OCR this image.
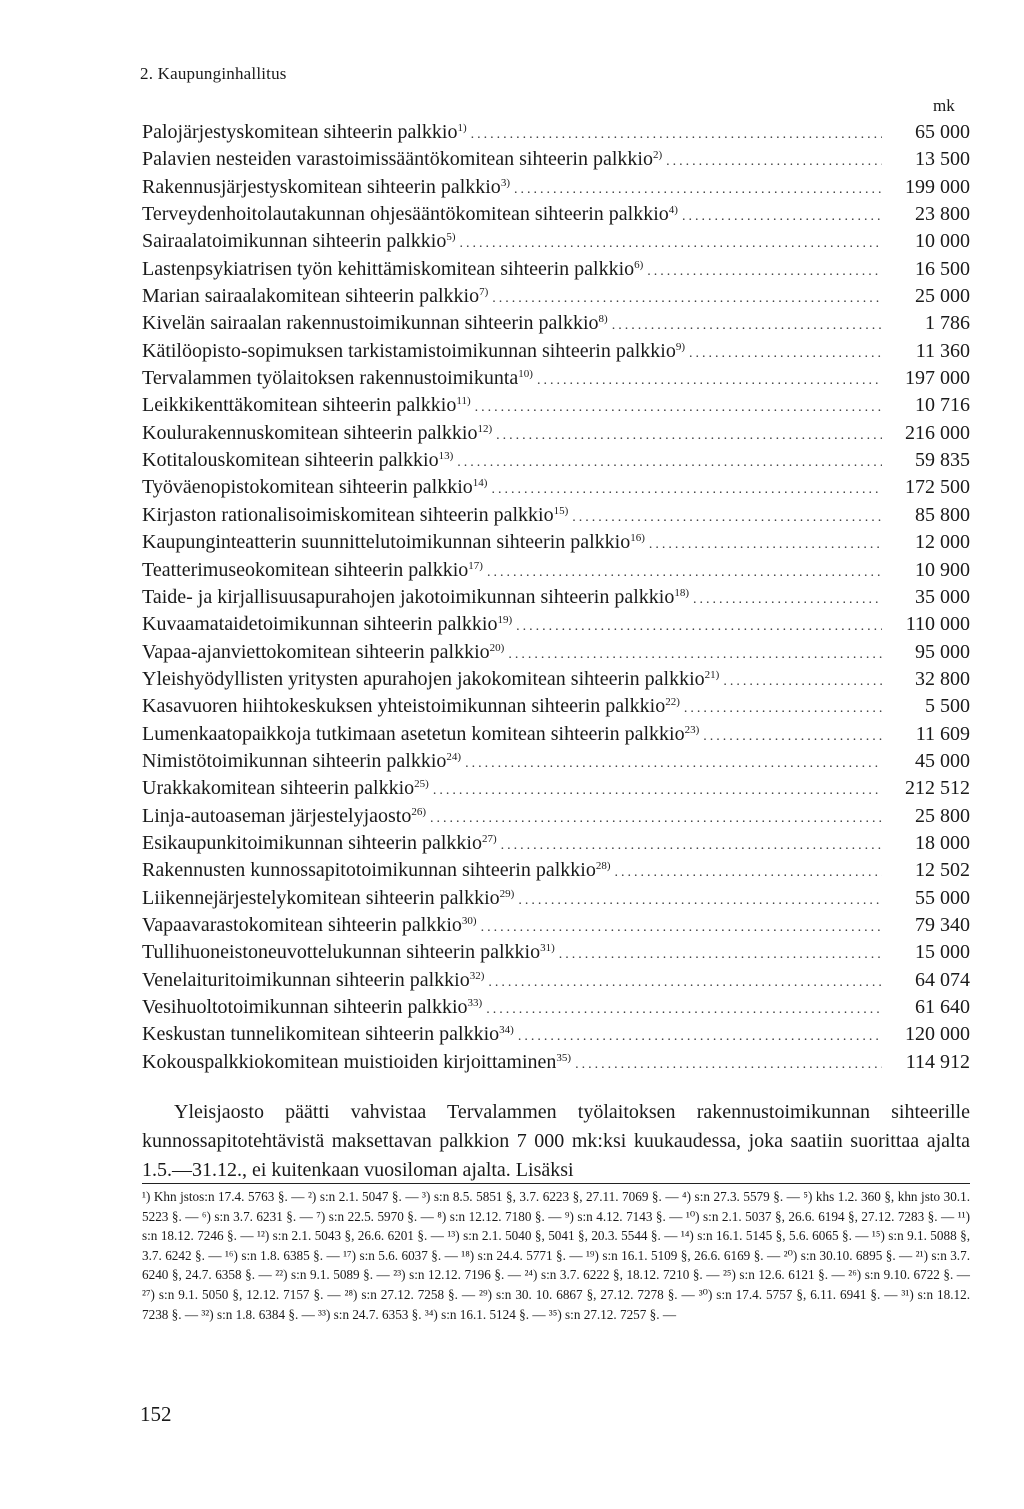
2. Kaupunginhallitus
mk
Palojärjestyskomitean sihteerin palkkio$^{1)}$ .....	65 000
Palavien nesteiden varastoimissääntökomitean sihteerin palkkio$^{2)}$ .....	13 500
Rakennusjärjestyskomitean sihteerin palkkio$^{3)}$ .....	199 000
Terveydenhoitolautakunnan ohjesääntökomitean sihteerin palkkio$^{4)}$ .....	23 800
Sairaalatoimikunnan sihteerin palkkio$^{5)}$ .....	10 000
Lastenpsykiatrisen työn kehittämiskomitean sihteerin palkkio$^{6)}$ .....	16 500
Marian sairaalakomitean sihteerin palkkio$^{7)}$ .....	25 000
Kivelän sairaalan rakennustoimikunnan sihteerin palkkio$^{8)}$ .....	1 786
Kätilöopisto-sopimuksen tarkistamistoimikunnan sihteerin palkkio$^{9)}$ .....	11 360
Tervalammen työlaitoksen rakennustoimikunta$^{10)}$ .....	197 000
Leikkikenttäkomitean sihteerin palkkio$^{11)}$ .....	10 716
Koulurakennuskomitean sihteerin palkkio$^{12)}$ .....	216 000
Kotitalouskomitean sihteerin palkkio$^{13)}$ .....	59 835
Työväenopistokomitean sihteerin palkkio$^{14)}$ .....	172 500
Kirjaston rationalisoimiskomitean sihteerin palkkio$^{15)}$ .....	85 800
Kaupunginteatterin suunnittelutoimikunnan sihteerin palkkio$^{16)}$ .....	12 000
Teatterimuseokomitean sihteerin palkkio$^{17)}$ .....	10 900
Taide- ja kirjallisuusapurahojen jakotoimikunnan sihteerin palkkio$^{18)}$ .....	35 000
Kuvaamataidetoimikunnan sihteerin palkkio$^{19)}$ .....	110 000
Vapaa-ajanviettokomitean sihteerin palkkio$^{20)}$ .....	95 000
Yleishyödyllisten yritysten apurahojen jakokomitean sihteerin palkkio$^{21)}$ .....	32 800
Kasavuoren hiihtokeskuksen yhteistoimikunnan sihteerin palkkio$^{22)}$ .....	5 500
Lumenkaatopaikkoja tutkimaan asetetun komitean sihteerin palkkio$^{23)}$ .....	11 609
Nimistötoimikunnan sihteerin palkkio$^{24)}$ .....	45 000
Urakkakomitean sihteerin palkkio$^{25)}$ .....	212 512
Linja-autoaseman järjestelyjaosto$^{26)}$ .....	25 800
Esikaupunkitoimikunnan sihteerin palkkio$^{27)}$ .....	18 000
Rakennusten kunnossapitotoimikunnan sihteerin palkkio$^{28)}$ .....	12 502
Liikennejärjestelykomitean sihteerin palkkio$^{29)}$ .....	55 000
Vapaavarastokomitean sihteerin palkkio$^{30)}$ .....	79 340
Tullihuoneistoneuvottelukunnan sihteerin palkkio$^{31)}$ .....	15 000
Venelaituritoimikunnan sihteerin palkkio$^{32)}$ .....	64 074
Vesihuoltotoimikunnan sihteerin palkkio$^{33)}$ .....	61 640
Keskustan tunnelikomitean sihteerin palkkio$^{34)}$ .....	120 000
Kokouspalkkiokomitean muistioiden kirjoittaminen$^{35)}$ .....	114 912
Yleisjaosto päätti vahvistaa Tervalammen työlaitoksen rakennustoimikunnan sihteerille kunnossapitotehtävistä maksettavan palkkion 7 000 mk:ksi kuukaudessa, joka saatiin suorittaa ajalta 1.5.—31.12., ei kuitenkaan vuosiloman ajalta. Lisäksi
¹) Khn jstos:n 17.4. 5763 §. — ²) s:n 2.1. 5047 §. — ³) s:n 8.5. 5851 §, 3.7. 6223 §, 27.11. 7069 §. — ⁴) s:n 27.3. 5579 §. — ⁵) khs 1.2. 360 §, khn jsto 30.1. 5223 §. — ⁶) s:n 3.7. 6231 §. — ⁷) s:n 22.5. 5970 §. — ⁸) s:n 12.12. 7180 §. — ⁹) s:n 4.12. 7143 §. — ¹⁰) s:n 2.1. 5037 §, 26.6. 6194 §, 27.12. 7283 §. — ¹¹) s:n 18.12. 7246 §. — ¹²) s:n 2.1. 5043 §, 26.6. 6201 §. — ¹³) s:n 2.1. 5040 §, 5041 §, 20.3. 5544 §. — ¹⁴) s:n 16.1. 5145 §, 5.6. 6065 §. — ¹⁵) s:n 9.1. 5088 §, 3.7. 6242 §. — ¹⁶) s:n 1.8. 6385 §. — ¹⁷) s:n 5.6. 6037 §. — ¹⁸) s:n 24.4. 5771 §. — ¹⁹) s:n 16.1. 5109 §, 26.6. 6169 §. — ²⁰) s:n 30.10. 6895 §. — ²¹) s:n 3.7. 6240 §, 24.7. 6358 §. — ²²) s:n 9.1. 5089 §. — ²³) s:n 12.12. 7196 §. — ²⁴) s:n 3.7. 6222 §, 18.12. 7210 §. — ²⁵) s:n 12.6. 6121 §. — ²⁶) s:n 9.10. 6722 §. — ²⁷) s:n 9.1. 5050 §, 12.12. 7157 §. — ²⁸) s:n 27.12. 7258 §. — ²⁹) s:n 30. 10. 6867 §, 27.12. 7278 §. — ³⁰) s:n 17.4. 5757 §, 6.11. 6941 §. — ³¹) s:n 18.12. 7238 §. — ³²) s:n 1.8. 6384 §. — ³³) s:n 24.7. 6353 §. ³⁴) s:n 16.1. 5124 §. — ³⁵) s:n 27.12. 7257 §. —
152
